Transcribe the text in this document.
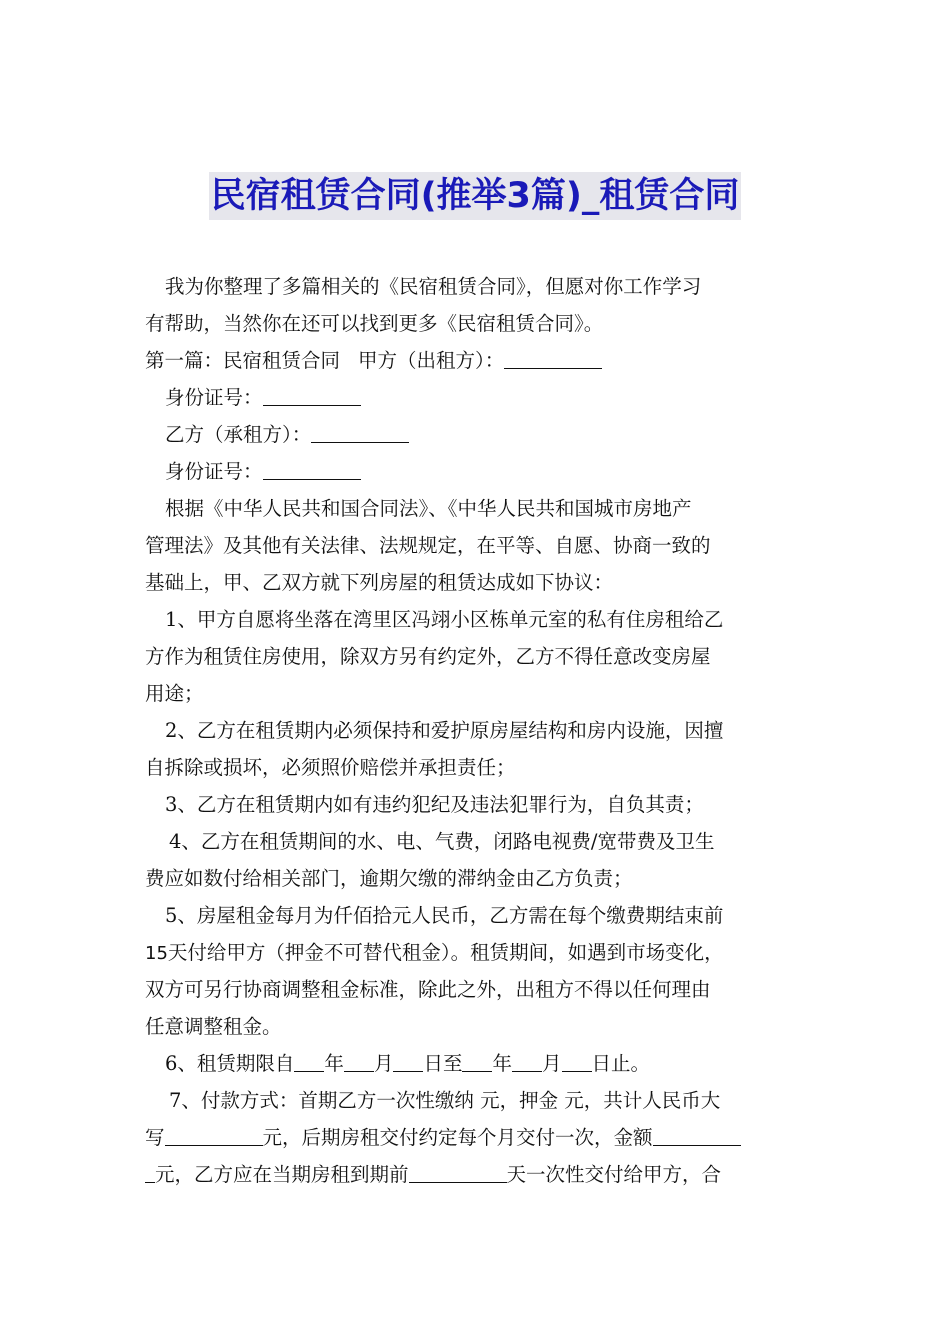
民宿租赁合同(推举3篇)_租赁合同
我为你整理了多篇相关的《民宿租赁合同》，但愿对你工作学习
有帮助，当然你在还可以找到更多《民宿租赁合同》。
第一篇：民宿租赁合同 甲方（出租方）：
身份证号：
乙方（承租方）：
身份证号：
根据《中华人民共和国合同法》、《中华人民共和国城市房地产
管理法》及其他有关法律、法规规定，在平等、自愿、协商一致的
基础上，甲、乙双方就下列房屋的租赁达成如下协议：
1、甲方自愿将坐落在湾里区冯翊小区栋单元室的私有住房租给乙
方作为租赁住房使用，除双方另有约定外，乙方不得任意改变房屋
用途；
2、乙方在租赁期内必须保持和爱护原房屋结构和房内设施，因擅
自拆除或损坏，必须照价赔偿并承担责任；
3、乙方在租赁期内如有违约犯纪及违法犯罪行为，自负其责；
4、乙方在租赁期间的水、电、气费，闭路电视费/宽带费及卫生
费应如数付给相关部门，逾期欠缴的滞纳金由乙方负责；
5、房屋租金每月为仟佰拾元人民币，乙方需在每个缴费期结束前
15天付给甲方（押金不可替代租金）。租赁期间，如遇到市场变化，
双方可另行协商调整租金标准，除此之外，出租方不得以任何理由
任意调整租金。
6、租赁期限自 年 月 日至 年 月 日止。
7、付款方式：首期乙方一次性缴纳 元，押金 元，共计人民币大
写	元，后期房租交付约定每个月交付一次，金额
元，乙方应在当期房租到期前	天一次性交付给甲方，合
